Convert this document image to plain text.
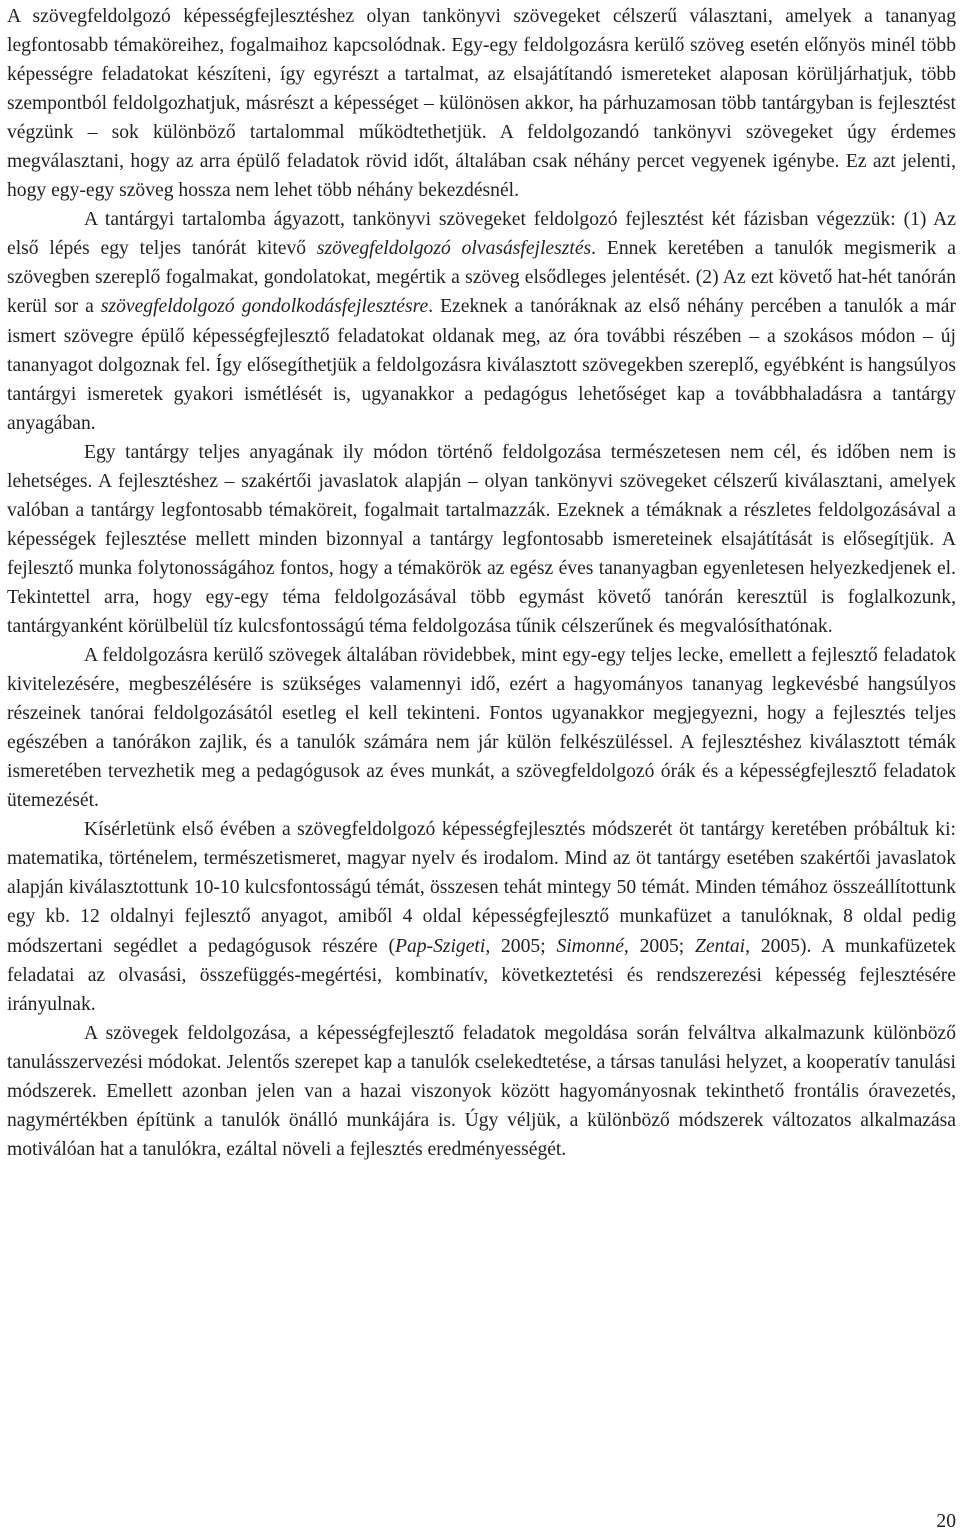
A szövegfeldolgozó képességfejlesztéshez olyan tankönyvi szövegeket célszerű választani, amelyek a tananyag legfontosabb témaköreihez, fogalmaihoz kapcsolódnak. Egy-egy feldolgozásra kerülő szöveg esetén előnyös minél több képességre feladatokat készíteni, így egyrészt a tartalmat, az elsajátítandó ismereteket alaposan körüljárhatjuk, több szempontból feldolgozhatjuk, másrészt a képességet – különösen akkor, ha párhuzamosan több tantárgyban is fejlesztést végzünk – sok különböző tartalommal működtethetjük. A feldolgozandó tankönyvi szövegeket úgy érdemes megválasztani, hogy az arra épülő feladatok rövid időt, általában csak néhány percet vegyenek igénybe. Ez azt jelenti, hogy egy-egy szöveg hossza nem lehet több néhány bekezdésnél.

A tantárgyi tartalomba ágyazott, tankönyvi szövegeket feldolgozó fejlesztést két fázisban végezzük: (1) Az első lépés egy teljes tanórát kitevő szövegfeldolgozó olvasásfejlesztés. Ennek keretében a tanulók megismerik a szövegben szereplő fogalmakat, gondolatokat, megértik a szöveg elsődleges jelentését. (2) Az ezt követő hat-hét tanórán kerül sor a szövegfeldolgozó gondolkodásfejlesztésre. Ezeknek a tanóráknak az első néhány percében a tanulók a már ismert szövegre épülő képességfejlesztő feladatokat oldanak meg, az óra további részében – a szokásos módon – új tananyagot dolgoznak fel. Így elősegíthetjük a feldolgozásra kiválasztott szövegekben szereplő, egyébként is hangsúlyos tantárgyi ismeretek gyakori ismétlését is, ugyanakkor a pedagógus lehetőséget kap a továbbhaladásra a tantárgy anyagában.

Egy tantárgy teljes anyagának ily módon történő feldolgozása természetesen nem cél, és időben nem is lehetséges. A fejlesztéshez – szakértői javaslatok alapján – olyan tankönyvi szövegeket célszerű kiválasztani, amelyek valóban a tantárgy legfontosabb témaköreit, fogalmait tartalmazzák. Ezeknek a témáknak a részletes feldolgozásával a képességek fejlesztése mellett minden bizonnyal a tantárgy legfontosabb ismereteinek elsajátítását is elősegítjük. A fejlesztő munka folytonosságához fontos, hogy a témakörök az egész éves tananyagban egyenletesen helyezkedjenek el. Tekintettel arra, hogy egy-egy téma feldolgozásával több egymást követő tanórán keresztül is foglalkozunk, tantárgyanként körülbelül tíz kulcsfontosságú téma feldolgozása tűnik célszerűnek és megvalósíthatónak.

A feldolgozásra kerülő szövegek általában rövidebbek, mint egy-egy teljes lecke, emellett a fejlesztő feladatok kivitelezésére, megbeszélésére is szükséges valamennyi idő, ezért a hagyományos tananyag legkevésbé hangsúlyos részeinek tanórai feldolgozásától esetleg el kell tekinteni. Fontos ugyanakkor megjegyezni, hogy a fejlesztés teljes egészében a tanórákon zajlik, és a tanulók számára nem jár külön felkészüléssel. A fejlesztéshez kiválasztott témák ismeretében tervezhetik meg a pedagógusok az éves munkát, a szövegfeldolgozó órák és a képességfejlesztő feladatok ütemezését.

Kísérletünk első évében a szövegfeldolgozó képességfejlesztés módszerét öt tantárgy keretében próbáltuk ki: matematika, történelem, természetismeret, magyar nyelv és irodalom. Mind az öt tantárgy esetében szakértői javaslatok alapján kiválasztottunk 10-10 kulcsfontosságú témát, összesen tehát mintegy 50 témát. Minden témához összeállítottunk egy kb. 12 oldalnyi fejlesztő anyagot, amiből 4 oldal képességfejlesztő munkafüzet a tanulóknak, 8 oldal pedig módszertani segédlet a pedagógusok részére (Pap-Szigeti, 2005; Simonné, 2005; Zentai, 2005). A munkafüzetek feladatai az olvasási, összefüggés-megértési, kombinatív, következtetési és rendszerezési képesség fejlesztésére irányulnak.

A szövegek feldolgozása, a képességfejlesztő feladatok megoldása során felváltva alkalmazunk különböző tanulásszervezési módokat. Jelentős szerepet kap a tanulók cselekedtetése, a társas tanulási helyzet, a kooperatív tanulási módszerek. Emellett azonban jelen van a hazai viszonyok között hagyományosnak tekinthető frontális óravezetés, nagymértékben építünk a tanulók önálló munkájára is. Úgy véljük, a különböző módszerek változatos alkalmazása motiválóan hat a tanulókra, ezáltal növeli a fejlesztés eredményességét.

20
